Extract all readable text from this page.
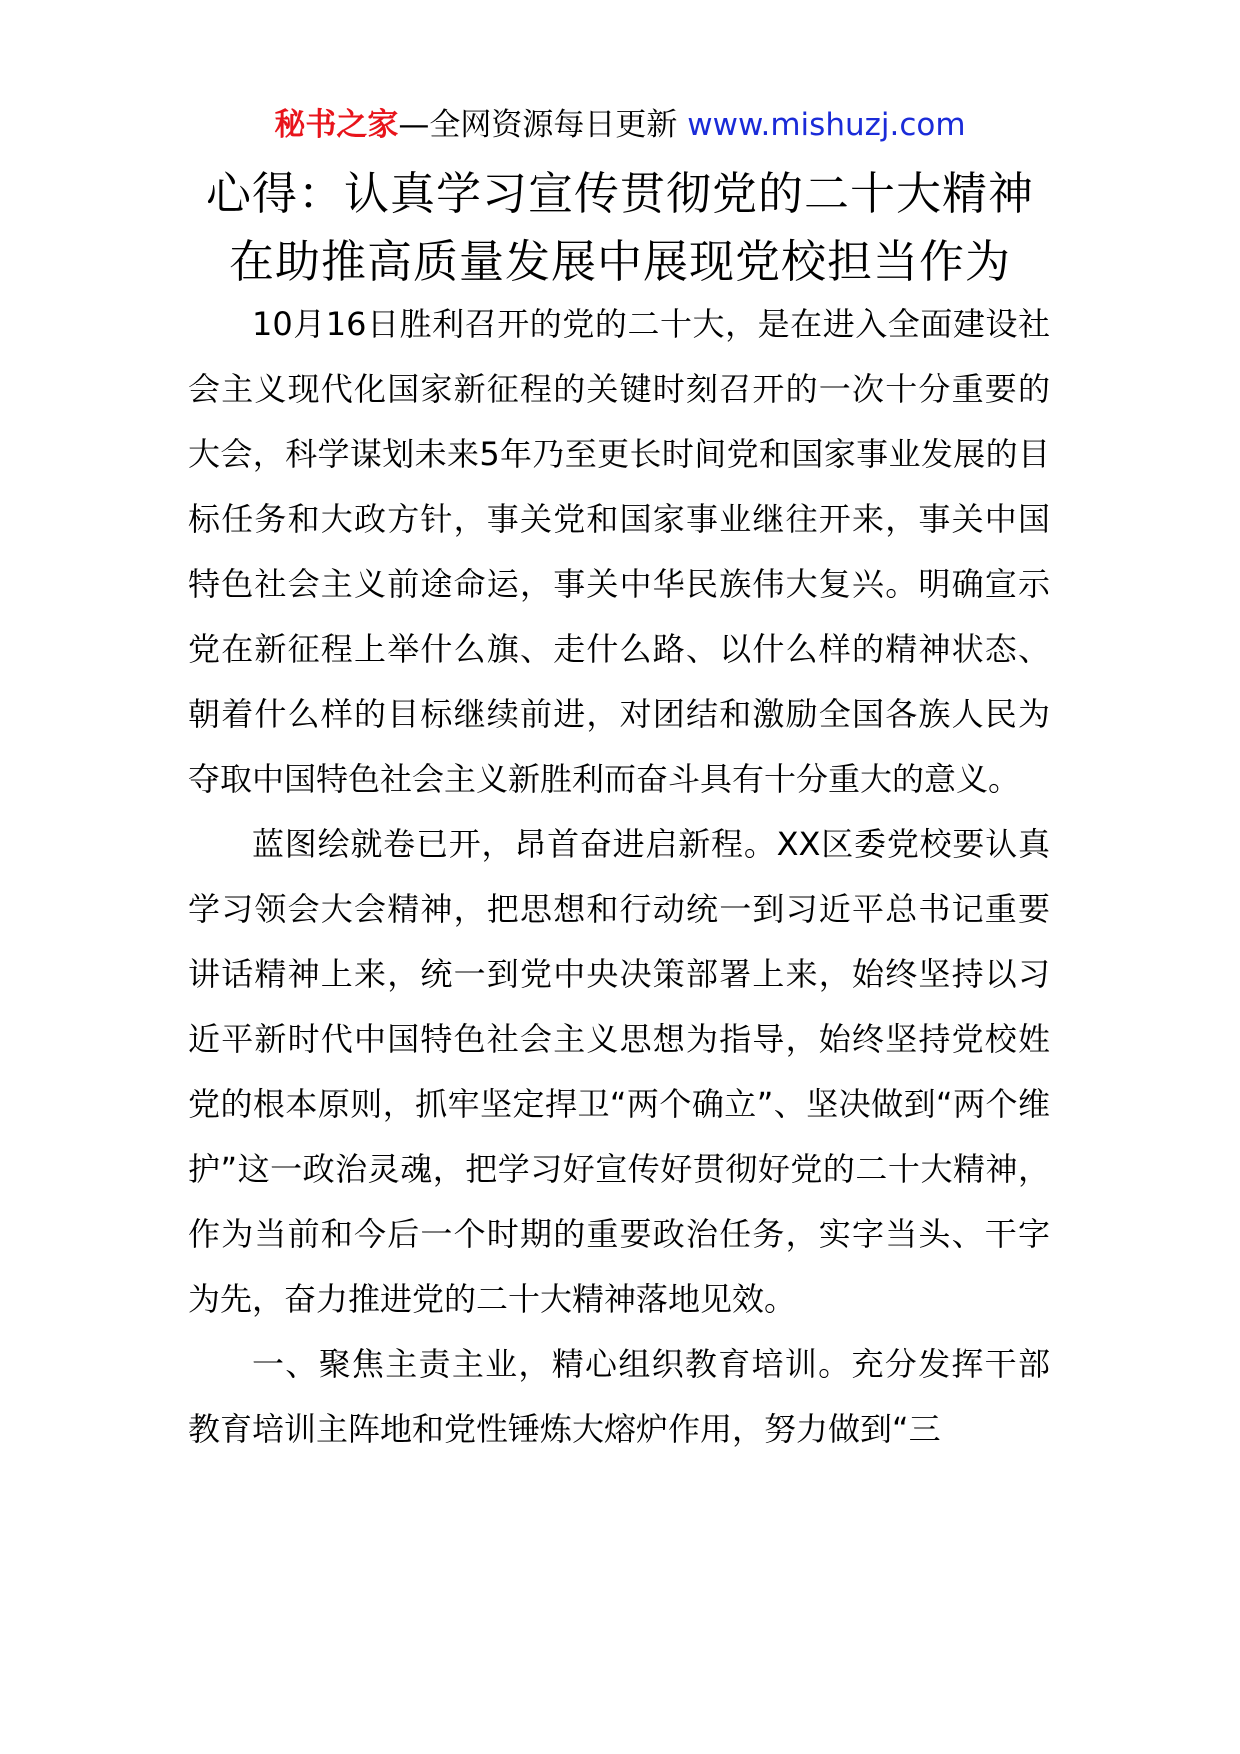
秘书之家—全网资源每日更新 www.mishuzj.com
心得：认真学习宣传贯彻党的二十大精神
在助推高质量发展中展现党校担当作为

10月16日胜利召开的党的二十大，是在进入全面建设社会主义现代化国家新征程的关键时刻召开的一次十分重要的大会，科学谋划未来5年乃至更长时间党和国家事业发展的目标任务和大政方针，事关党和国家事业继往开来，事关中国特色社会主义前途命运，事关中华民族伟大复兴。明确宣示党在新征程上举什么旗、走什么路、以什么样的精神状态、朝着什么样的目标继续前进，对团结和激励全国各族人民为夺取中国特色社会主义新胜利而奋斗具有十分重大的意义。

蓝图绘就卷已开，昂首奋进启新程。XX区委党校要认真学习领会大会精神，把思想和行动统一到习近平总书记重要讲话精神上来，统一到党中央决策部署上来，始终坚持以习近平新时代中国特色社会主义思想为指导，始终坚持党校姓党的根本原则，抓牢坚定捍卫“两个确立”、坚决做到“两个维护”这一政治灵魂，把学习好宣传好贯彻好党的二十大精神，作为当前和今后一个时期的重要政治任务，实字当头、干字为先，奋力推进党的二十大精神落地见效。

一、聚焦主责主业，精心组织教育培训。充分发挥干部教育培训主阵地和党性锤炼大熔炉作用，努力做到“三
